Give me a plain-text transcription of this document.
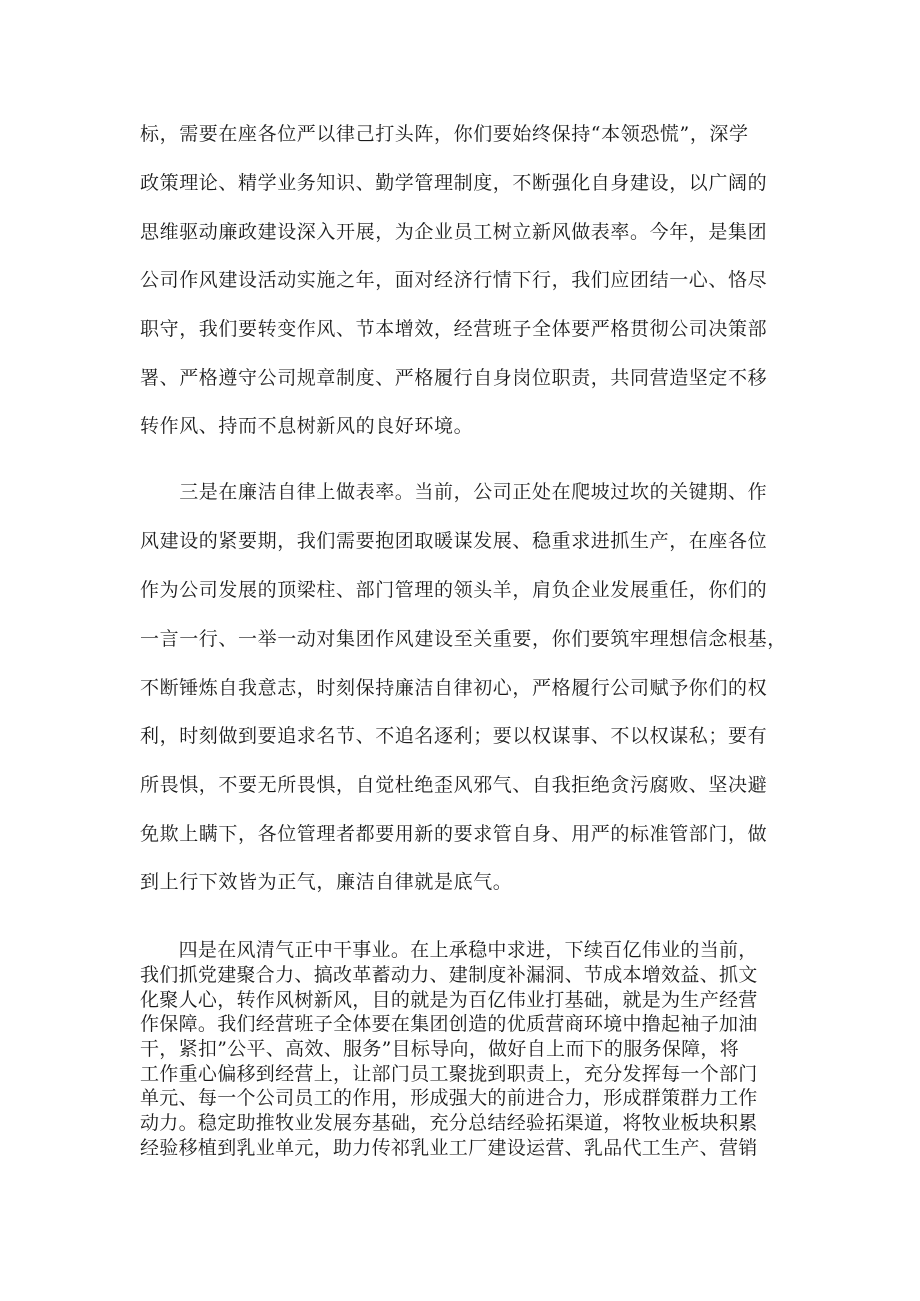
标，需要在座各位严以律己打头阵，你们要始终保持“本领恐慌”，深学
政策理论、精学业务知识、勤学管理制度，不断强化自身建设，以广阔的
思维驱动廉政建设深入开展，为企业员工树立新风做表率。今年，是集团
公司作风建设活动实施之年，面对经济行情下行，我们应团结一心、恪尽
职守，我们要转变作风、节本增效，经营班子全体要严格贯彻公司决策部
署、严格遵守公司规章制度、严格履行自身岗位职责，共同营造坚定不移
转作风、持而不息树新风的良好环境。
　　三是在廉洁自律上做表率。当前，公司正处在爬坡过坎的关键期、作
风建设的紧要期，我们需要抱团取暖谋发展、稳重求进抓生产，在座各位
作为公司发展的顶梁柱、部门管理的领头羊，肩负企业发展重任，你们的
一言一行、一举一动对集团作风建设至关重要，你们要筑牢理想信念根基，
不断锤炼自我意志，时刻保持廉洁自律初心，严格履行公司赋予你们的权
利，时刻做到要追求名节、不追名逐利；要以权谋事、不以权谋私；要有
所畏惧，不要无所畏惧，自觉杜绝歪风邪气、自我拒绝贪污腐败、坚决避
免欺上瞒下，各位管理者都要用新的要求管自身、用严的标准管部门，做
到上行下效皆为正气，廉洁自律就是底气。
　　四是在风清气正中干事业。在上承稳中求进，下续百亿伟业的当前，
我们抓党建聚合力、搞改革蓄动力、建制度补漏洞、节成本增效益、抓文
化聚人心，转作风树新风，目的就是为百亿伟业打基础，就是为生产经营
作保障。我们经营班子全体要在集团创造的优质营商环境中撸起袖子加油
干，紧扣”公平、高效、服务”目标导向，做好自上而下的服务保障，将
工作重心偏移到经营上，让部门员工聚拢到职责上，充分发挥每一个部门
单元、每一个公司员工的作用，形成强大的前进合力，形成群策群力工作
动力。稳定助推牧业发展夯基础，充分总结经验拓渠道，将牧业板块积累
经验移植到乳业单元，助力传祁乳业工厂建设运营、乳品代工生产、营销
